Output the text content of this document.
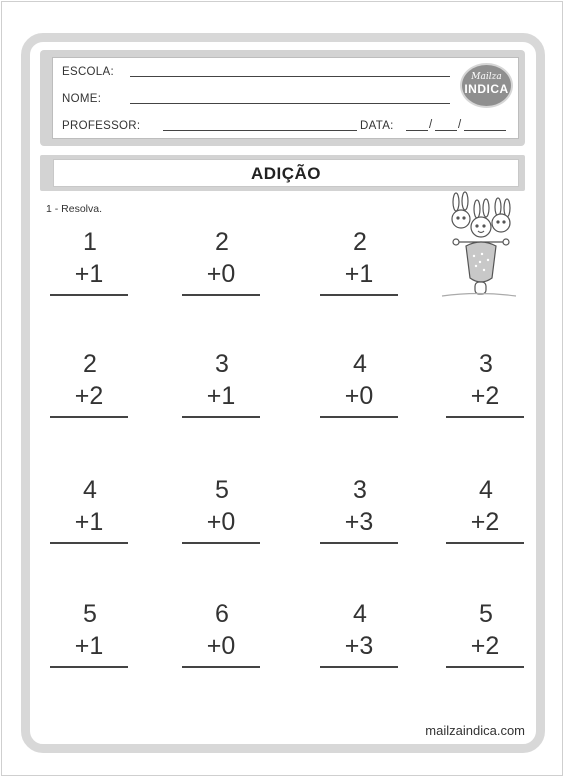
ESCOLA:
NOME:
PROFESSOR:	DATA:	/ /
Mailza
INDICA
ADIÇÃO
1 - Resolva.
1
+1
2
+0
2
+1
2
+2
3
+1
4
+0
3
+2
4
+1
5
+0
3
+3
4
+2
5
+1
6
+0
4
+3
5
+2
mailzaindica.com
